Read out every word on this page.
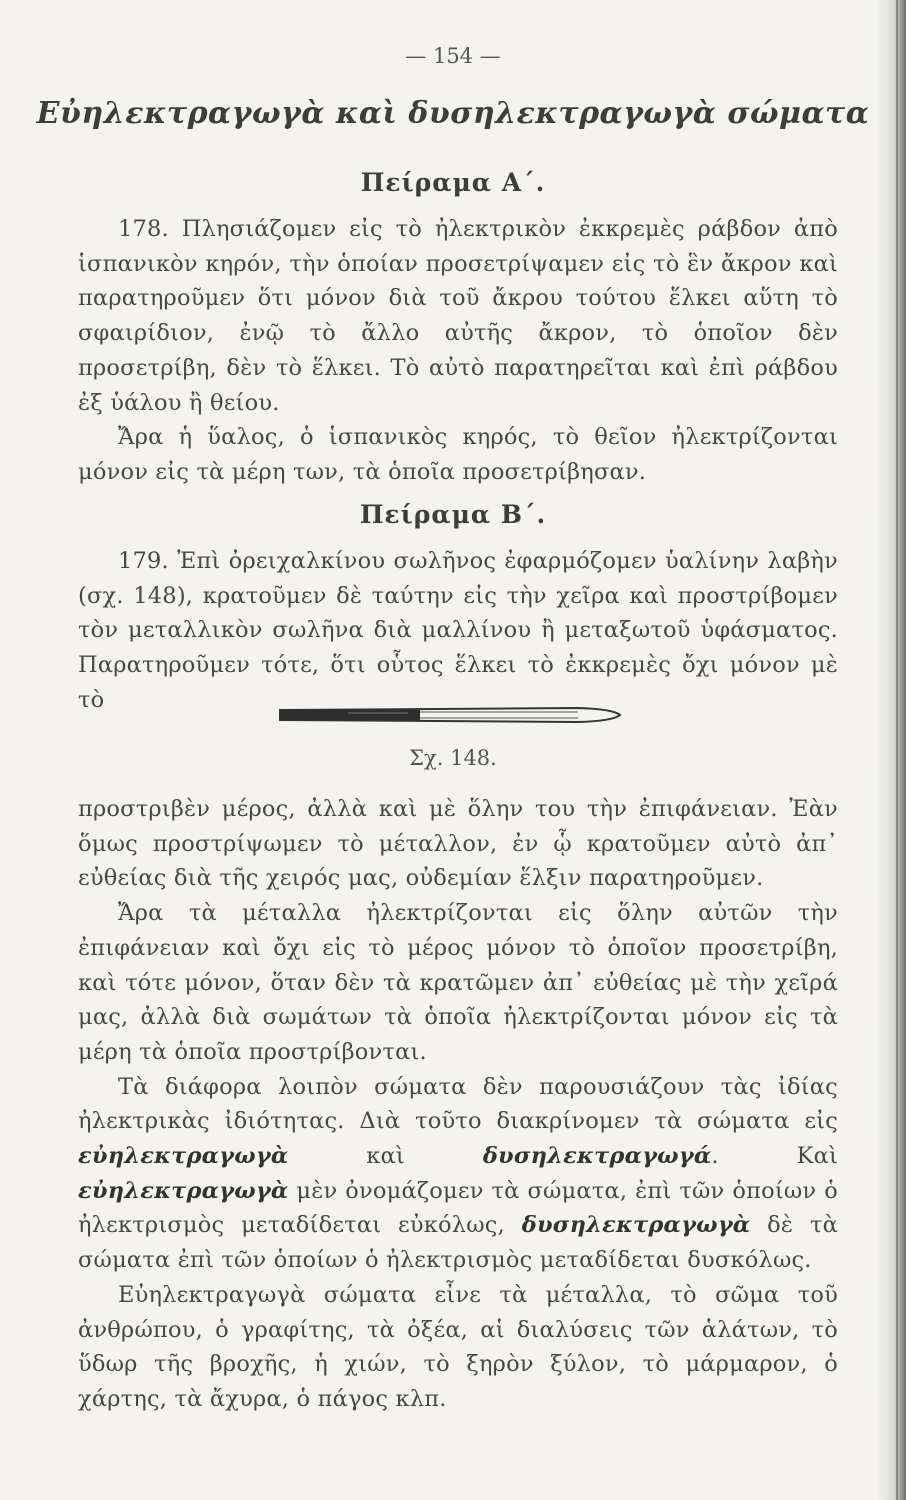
— 154 —
Εὐηλεκτραγωγὰ καὶ δυσηλεκτραγωγὰ σώματα
Πείραμα Α΄.

178. Πλησιάζομεν εἰς τὸ ἠλεκτρικὸν ἐκκρεμὲς ράβδον ἀπὸ ἱσπανικὸν κηρόν, τὴν ὁποίαν προσετρίψαμεν εἰς τὸ ἓν ἄκρον καὶ παρατηροῦμεν ὅτι μόνον διὰ τοῦ ἄκρου τούτου ἕλκει αὕτη τὸ σφαιρίδιον, ἐνῷ τὸ ἄλλο αὐτῆς ἄκρον, τὸ ὁποῖον δὲν προσετρίβη, δὲν τὸ ἕλκει. Τὸ αὐτὸ παρατηρεῖται καὶ ἐπὶ ράβδου ἐξ ὑάλου ἢ θείου.

Ἄρα ἡ ὕαλος, ὁ ἱσπανικὸς κηρός, τὸ θεῖον ἠλεκτρίζονται μόνον εἰς τὰ μέρη των, τὰ ὁποῖα προσετρίβησαν.

Πείραμα Β΄.

179. Ἐπὶ ὀρειχαλκίνου σωλῆνος ἐφαρμόζομεν ὑαλίνην λαβὴν (σχ. 148), κρατοῦμεν δὲ ταύτην εἰς τὴν χεῖρα καὶ προστρίβομεν τὸν μεταλλικὸν σωλῆνα διὰ μαλλίνου ἢ μεταξωτοῦ ὑφάσματος. Παρατηροῦμεν τότε, ὅτι οὗτος ἕλκει τὸ ἐκκρεμὲς ὄχι μόνον μὲ τὸ

Σχ. 148.

προστριβὲν μέρος, ἀλλὰ καὶ μὲ ὅλην του τὴν ἐπιφάνειαν. Ἐὰν ὅμως προστρίψωμεν τὸ μέταλλον, ἐν ᾧ κρατοῦμεν αὐτὸ ἀπ᾿ εὐθείας διὰ τῆς χειρός μας, οὐδεμίαν ἕλξιν παρατηροῦμεν.

Ἄρα τὰ μέταλλα ἠλεκτρίζονται εἰς ὅλην αὐτῶν τὴν ἐπιφάνειαν καὶ ὄχι εἰς τὸ μέρος μόνον τὸ ὁποῖον προσετρίβη, καὶ τότε μόνον, ὅταν δὲν τὰ κρατῶμεν ἀπ᾿ εὐθείας μὲ τὴν χεῖρά μας, ἀλλὰ διὰ σωμάτων τὰ ὁποῖα ἠλεκτρίζονται μόνον εἰς τὰ μέρη τὰ ὁποῖα προστρίβονται.

Τὰ διάφορα λοιπὸν σώματα δὲν παρουσιάζουν τὰς ἰδίας ἠλεκτρικὰς ἰδιότητας. Διὰ τοῦτο διακρίνομεν τὰ σώματα εἰς εὐηλεκτραγωγὰ καὶ δυσηλεκτραγωγά. Καὶ εὐηλεκτραγωγὰ μὲν ὀνομάζομεν τὰ σώματα, ἐπὶ τῶν ὁποίων ὁ ἠλεκτρισμὸς μεταδίδεται εὐκόλως, δυσηλεκτραγωγὰ δὲ τὰ σώματα ἐπὶ τῶν ὁποίων ὁ ἠλεκτρισμὸς μεταδίδεται δυσκόλως.

Εὐηλεκτραγωγὰ σώματα εἶνε τὰ μέταλλα, τὸ σῶμα τοῦ ἀνθρώπου, ὁ γραφίτης, τὰ ὀξέα, αἱ διαλύσεις τῶν ἁλάτων, τὸ ὕδωρ τῆς βροχῆς, ἡ χιών, τὸ ξηρὸν ξύλον, τὸ μάρμαρον, ὁ χάρτης, τὰ ἄχυρα, ὁ πάγος κλπ.
